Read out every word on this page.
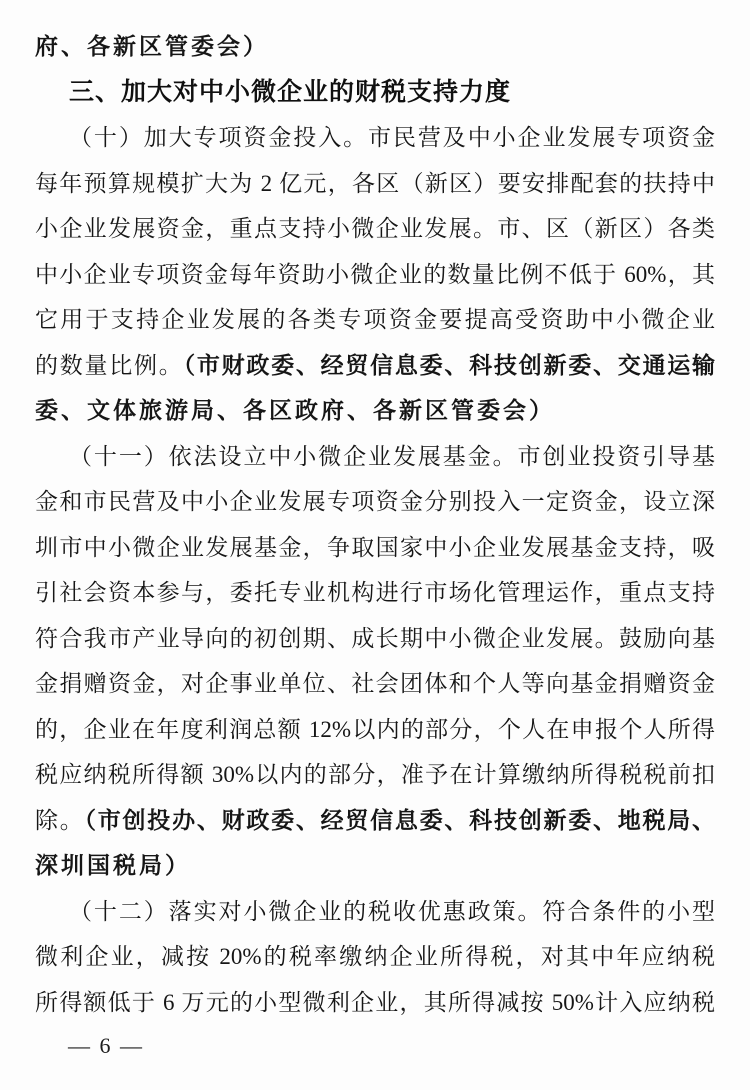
府、各新区管委会）
三、加大对中小微企业的财税支持力度
（十）加大专项资金投入。市民营及中小企业发展专项资金
每年预算规模扩大为 2 亿元，各区（新区）要安排配套的扶持中
小企业发展资金，重点支持小微企业发展。市、区（新区）各类
中小企业专项资金每年资助小微企业的数量比例不低于 60%，其
它用于支持企业发展的各类专项资金要提高受资助中小微企业
的数量比例。（市财政委、经贸信息委、科技创新委、交通运输
委、文体旅游局、各区政府、各新区管委会）
（十一）依法设立中小微企业发展基金。市创业投资引导基
金和市民营及中小企业发展专项资金分别投入一定资金，设立深
圳市中小微企业发展基金，争取国家中小企业发展基金支持，吸
引社会资本参与，委托专业机构进行市场化管理运作，重点支持
符合我市产业导向的初创期、成长期中小微企业发展。鼓励向基
金捐赠资金，对企事业单位、社会团体和个人等向基金捐赠资金
的，企业在年度利润总额 12%以内的部分，个人在申报个人所得
税应纳税所得额 30%以内的部分，准予在计算缴纳所得税税前扣
除。（市创投办、财政委、经贸信息委、科技创新委、地税局、
深圳国税局）
（十二）落实对小微企业的税收优惠政策。符合条件的小型
微利企业，减按 20%的税率缴纳企业所得税，对其中年应纳税
所得额低于 6 万元的小型微利企业，其所得减按 50%计入应纳税
— 6 —
